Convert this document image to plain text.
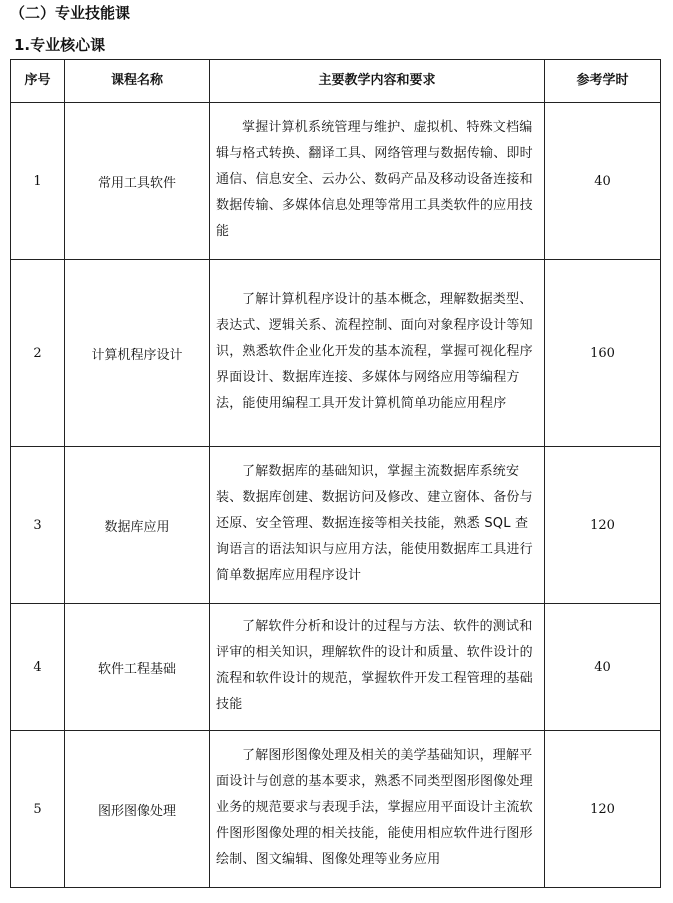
（二）专业技能课
1.专业核心课
序号	课程名称	主要教学内容和要求	参考学时
1	常用工具软件	掌握计算机系统管理与维护、虚拟机、特殊文档编辑与格式转换、翻译工具、网络管理与数据传输、即时通信、信息安全、云办公、数码产品及移动设备连接和数据传输、多媒体信息处理等常用工具类软件的应用技能	40
2	计算机程序设计	了解计算机程序设计的基本概念，理解数据类型、表达式、逻辑关系、流程控制、面向对象程序设计等知识，熟悉软件企业化开发的基本流程，掌握可视化程序界面设计、数据库连接、多媒体与网络应用等编程方法，能使用编程工具开发计算机简单功能应用程序	160
3	数据库应用	了解数据库的基础知识，掌握主流数据库系统安装、数据库创建、数据访问及修改、建立窗体、备份与还原、安全管理、数据连接等相关技能，熟悉 SQL 查询语言的语法知识与应用方法，能使用数据库工具进行简单数据库应用程序设计	120
4	软件工程基础	了解软件分析和设计的过程与方法、软件的测试和评审的相关知识，理解软件的设计和质量、软件设计的流程和软件设计的规范，掌握软件开发工程管理的基础技能	40
5	图形图像处理	了解图形图像处理及相关的美学基础知识，理解平面设计与创意的基本要求，熟悉不同类型图形图像处理业务的规范要求与表现手法，掌握应用平面设计主流软件图形图像处理的相关技能，能使用相应软件进行图形绘制、图文编辑、图像处理等业务应用	120
